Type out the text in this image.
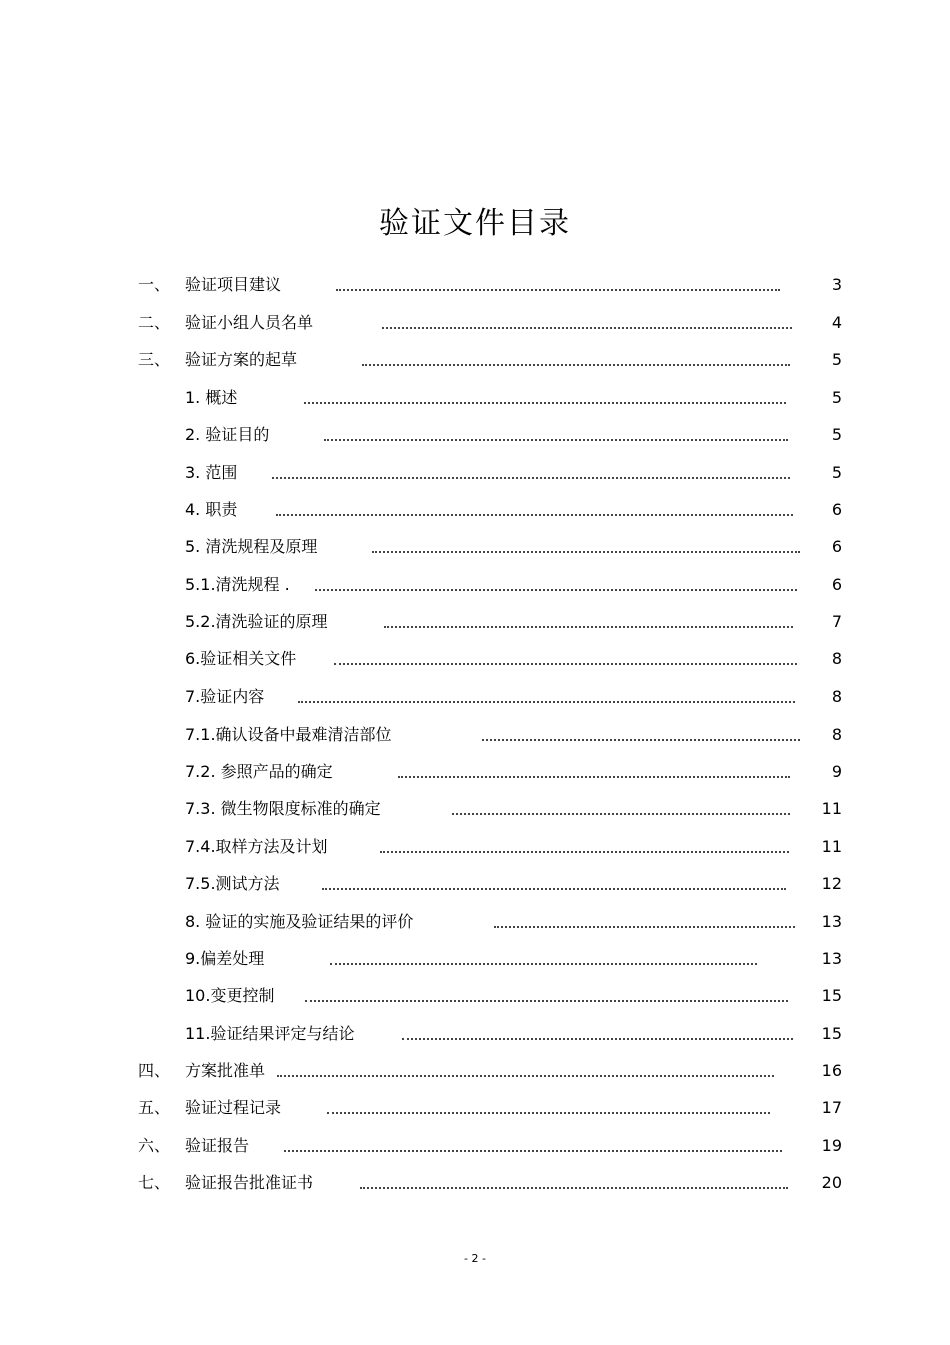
验证文件目录
一、 验证项目建议	3
二、 验证小组人员名单	4
三、 验证方案的起草	5
1. 概述	5
2. 验证目的	5
3. 范围	5
4. 职责	6
5. 清洗规程及原理	6
5.1.清洗规程 .	6
5.2.清洗验证的原理	7
6.验证相关文件	8
7.验证内容	8
7.1.确认设备中最难清洁部位	8
7.2. 参照产品的确定	9
7.3. 微生物限度标准的确定	11
7.4.取样方法及计划	11
7.5.测试方法	12
8. 验证的实施及验证结果的评价	13
9.偏差处理	13
10.变更控制	15
11.验证结果评定与结论	15
四、 方案批准单	16
五、 验证过程记录	17
六、 验证报告	19
七、 验证报告批准证书	20
- 2 -
